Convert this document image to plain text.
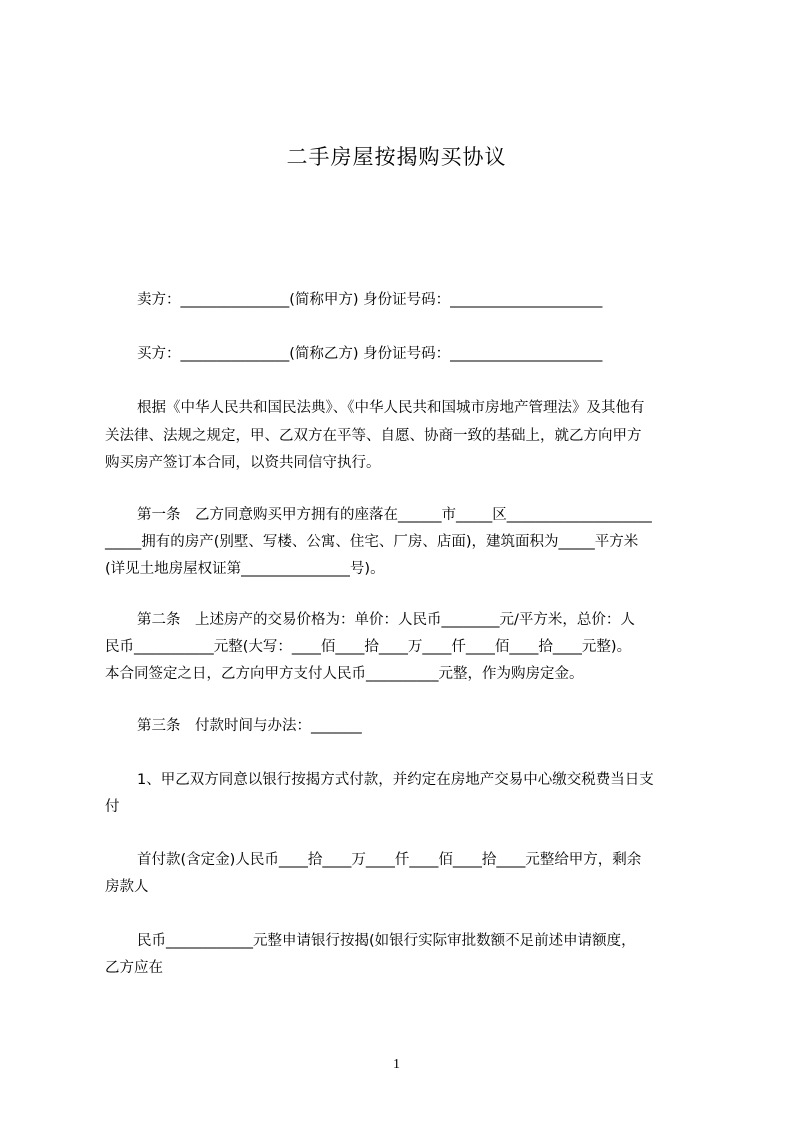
二手房屋按揭购买协议
卖方：_______________(简称甲方) 身份证号码：_____________________
买方：_______________(简称乙方) 身份证号码：_____________________
根据《中华人民共和国民法典》、《中华人民共和国城市房地产管理法》及其他有
关法律、法规之规定，甲、乙双方在平等、自愿、协商一致的基础上，就乙方向甲方
购买房产签订本合同，以资共同信守执行。
第一条　乙方同意购买甲方拥有的座落在______市_____区____________________
_____拥有的房产(别墅、写楼、公寓、住宅、厂房、店面)，建筑面积为_____平方米
(详见土地房屋权证第_______________号)。
第二条　上述房产的交易价格为：单价：人民币________元/平方米，总价：人
民币___________元整(大写：____佰____拾____万____仟____佰____拾____元整)。
本合同签定之日，乙方向甲方支付人民币__________元整，作为购房定金。
第三条　付款时间与办法：_______
1、甲乙双方同意以银行按揭方式付款，并约定在房地产交易中心缴交税费当日支
付
首付款(含定金)人民币____拾____万____仟____佰____拾____元整给甲方，剩余
房款人
民币____________元整申请银行按揭(如银行实际审批数额不足前述申请额度，
乙方应在
1
